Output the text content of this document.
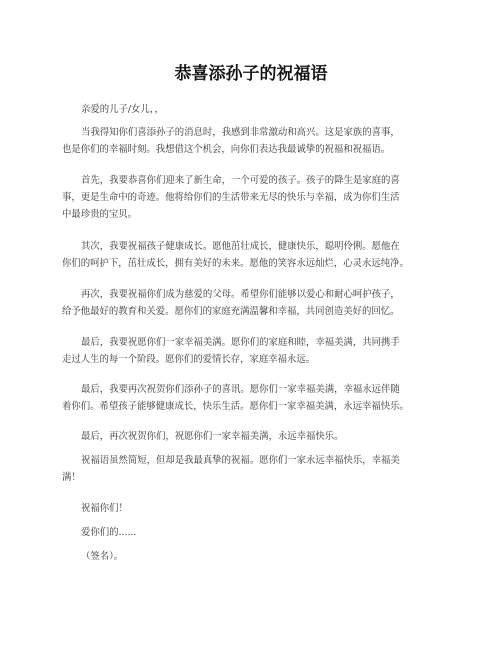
恭喜添孙子的祝福语
亲爱的儿子/女儿，，
当我得知你们喜添孙子的消息时，我感到非常激动和高兴。这是家族的喜事，
也是你们的幸福时刻。我想借这个机会，向你们表达我最诚挚的祝福和祝福语。
首先，我要恭喜你们迎来了新生命，一个可爱的孩子。孩子的降生是家庭的喜
事，更是生命中的奇迹。他将给你们的生活带来无尽的快乐与幸福，成为你们生活
中最珍贵的宝贝。
其次，我要祝福孩子健康成长。愿他茁壮成长，健康快乐，聪明伶俐。愿他在
你们的呵护下，茁壮成长，拥有美好的未来。愿他的笑容永远灿烂，心灵永远纯净。
再次，我要祝福你们成为慈爱的父母。希望你们能够以爱心和耐心呵护孩子，
给予他最好的教育和关爱。愿你们的家庭充满温馨和幸福，共同创造美好的回忆。
最后，我要祝愿你们一家幸福美满。愿你们的家庭和睦，幸福美满，共同携手
走过人生的每一个阶段。愿你们的爱情长存，家庭幸福永远。
最后，我要再次祝贺你们添孙子的喜讯。愿你们一家幸福美满，幸福永远伴随
着你们。希望孩子能够健康成长，快乐生活。愿你们一家幸福美满，永远幸福快乐。
最后，再次祝贺你们，祝愿你们一家幸福美满，永远幸福快乐。
祝福语虽然简短，但却是我最真挚的祝福。愿你们一家永远幸福快乐，幸福美
满！
祝福你们！
爱你们的......
（签名）。
